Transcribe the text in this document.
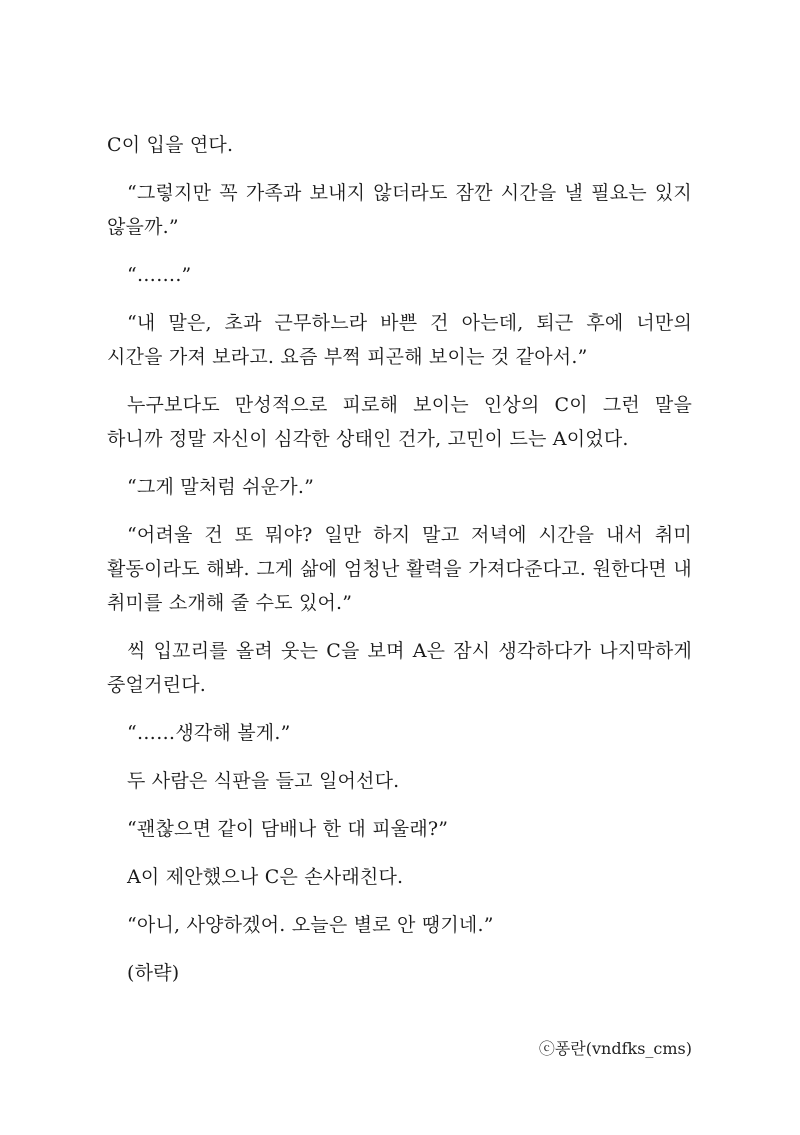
C이 입을 연다.

“그렇지만 꼭 가족과 보내지 않더라도 잠깐 시간을 낼 필요는 있지 않을까.”

“…….”

“내 말은, 초과 근무하느라 바쁜 건 아는데, 퇴근 후에 너만의 시간을 가져 보라고. 요즘 부쩍 피곤해 보이는 것 같아서.”

누구보다도 만성적으로 피로해 보이는 인상의 C이 그런 말을 하니까 정말 자신이 심각한 상태인 건가, 고민이 드는 A이었다.

“그게 말처럼 쉬운가.”

“어려울 건 또 뭐야? 일만 하지 말고 저녁에 시간을 내서 취미 활동이라도 해봐. 그게 삶에 엄청난 활력을 가져다준다고. 원한다면 내 취미를 소개해 줄 수도 있어.”

씩 입꼬리를 올려 웃는 C을 보며 A은 잠시 생각하다가 나지막하게 중얼거린다.

“……생각해 볼게.”

두 사람은 식판을 들고 일어선다.

“괜찮으면 같이 담배나 한 대 피울래?”

A이 제안했으나 C은 손사래친다.

“아니, 사양하겠어. 오늘은 별로 안 땡기네.”

(하략)

ⓒ퐁란(vndfks_cms)
